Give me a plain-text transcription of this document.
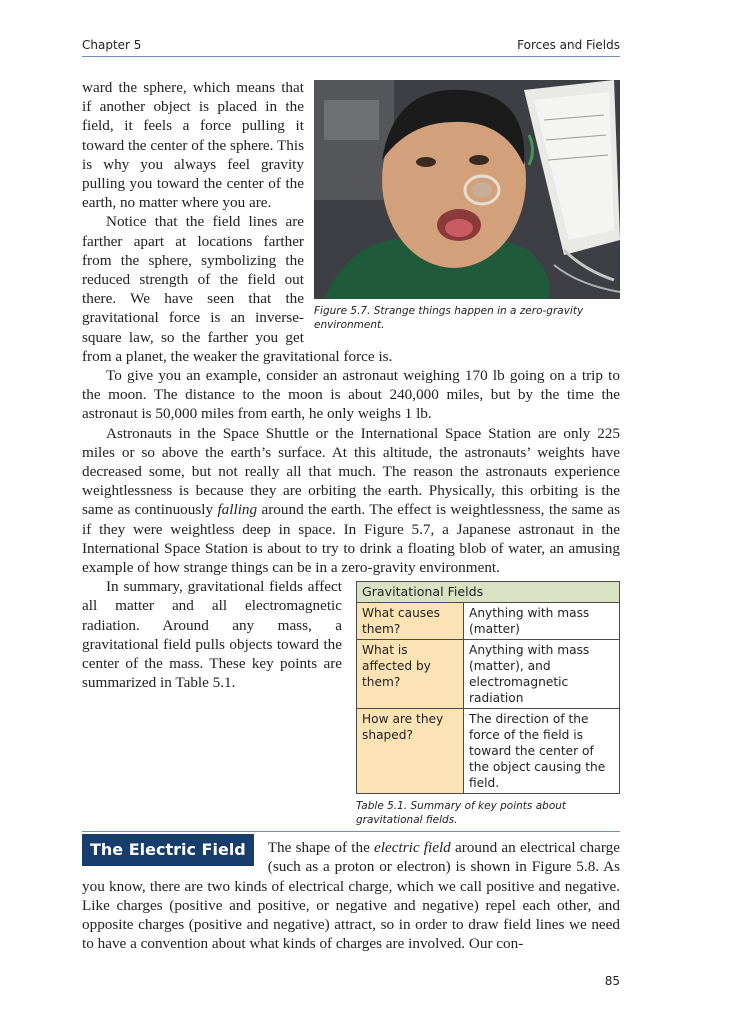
Chapter 5	Forces and Fields
Figure 5.7. Strange things happen in a zero-gravity environment.

ward the sphere, which means that if another object is placed in the field, it feels a force pulling it toward the center of the sphere. This is why you always feel gravity pulling you toward the center of the earth, no matter where you are.

Notice that the field lines are farther apart at locations farther from the sphere, symbolizing the reduced strength of the field out there. We have seen that the gravitational force is an inverse-square law, so the farther you get from a planet, the weaker the gravitational force is.

To give you an example, consider an astronaut weighing 170 lb going on a trip to the moon. The distance to the moon is about 240,000 miles, but by the time the astronaut is 50,000 miles from earth, he only weighs 1 lb.

Astronauts in the Space Shuttle or the International Space Station are only 225 miles or so above the earth’s surface. At this altitude, the astronauts’ weights have decreased some, but not really all that much. The reason the astronauts experience weightlessness is because they are orbiting the earth. Physically, this orbiting is the same as continuously falling around the earth. The effect is weightlessness, the same as if they were weightless deep in space. In Figure 5.7, a Japanese astronaut in the International Space Station is about to try to drink a floating blob of water, an amusing example of how strange things can be in a zero-gravity environment.

Gravitational Fields	
What causes them?	Anything with mass (matter)
What is affected by them?	Anything with mass (matter), and electromagnetic radiation
How are they shaped?	The direction of the force of the field is toward the center of the object causing the field.
Table 5.1. Summary of key points about gravitational fields.

In summary, gravitational fields affect all matter and all electromagnetic radiation. Around any mass, a gravitational field pulls objects toward the center of the mass. These key points are summarized in Table 5.1.

The Electric Field	The shape of the electric field around an electrical charge (such as a proton or electron) is shown in Figure 5.8. As you know, there are two kinds of electrical charge, which we call positive and negative. Like charges (positive and positive, or negative and negative) repel each other, and opposite charges (positive and negative) attract, so in order to draw field lines we need to have a convention about what kinds of charges are involved. Our con-

85
